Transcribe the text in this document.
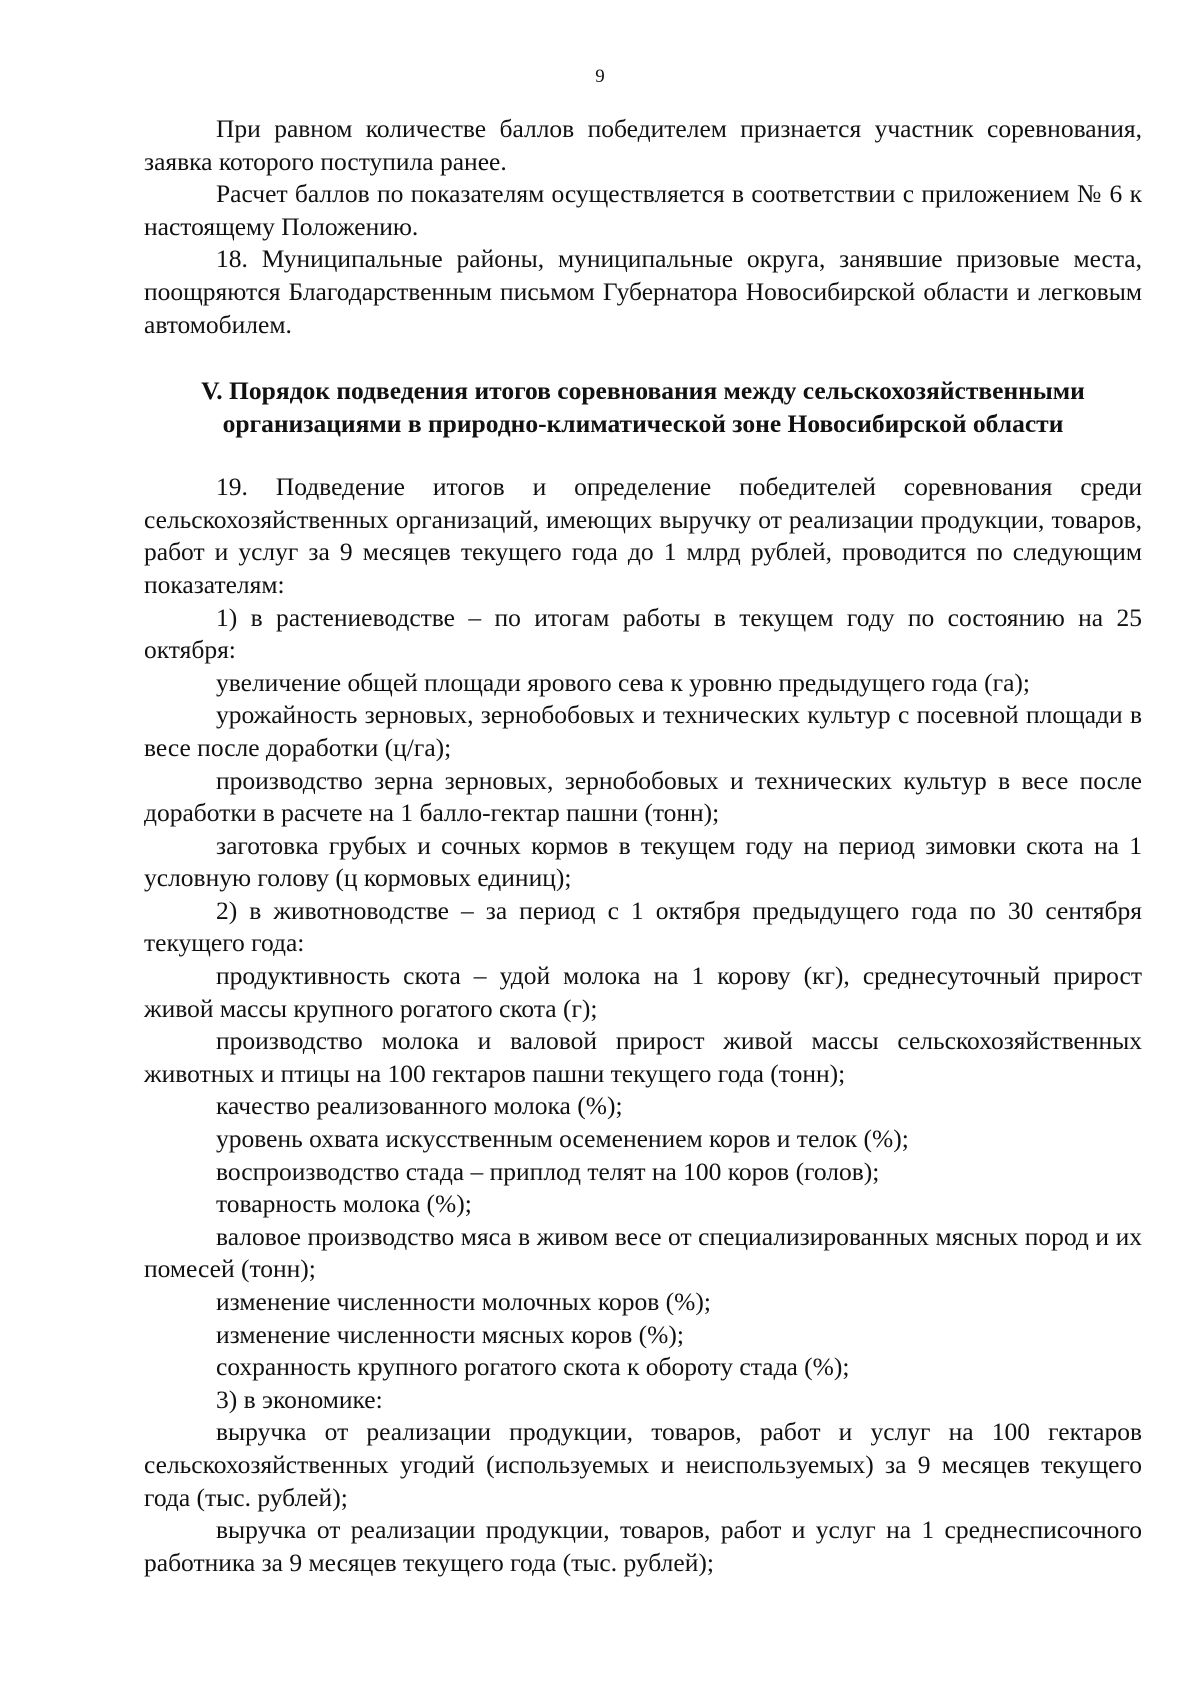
9

При равном количестве баллов победителем признается участник соревнования, заявка которого поступила ранее.

Расчет баллов по показателям осуществляется в соответствии с приложением № 6 к настоящему Положению.

18. Муниципальные районы, муниципальные округа, занявшие призовые места, поощряются Благодарственным письмом Губернатора Новосибирской области и легковым автомобилем.

V. Порядок подведения итогов соревнования между сельскохозяйственными
организациями в природно-климатической зоне Новосибирской области

19. Подведение итогов и определение победителей соревнования среди сельскохозяйственных организаций, имеющих выручку от реализации продукции, товаров, работ и услуг за 9 месяцев текущего года до 1 млрд рублей, проводится по следующим показателям:

1) в растениеводстве – по итогам работы в текущем году по состоянию на 25 октября:

увеличение общей площади ярового сева к уровню предыдущего года (га);

урожайность зерновых, зернобобовых и технических культур с посевной площади в весе после доработки (ц/га);

производство зерна зерновых, зернобобовых и технических культур в весе после доработки в расчете на 1 балло-гектар пашни (тонн);

заготовка грубых и сочных кормов в текущем году на период зимовки скота на 1 условную голову (ц кормовых единиц);

2) в животноводстве – за период с 1 октября предыдущего года по 30 сентября текущего года:

продуктивность скота – удой молока на 1 корову (кг), среднесуточный прирост живой массы крупного рогатого скота (г);

производство молока и валовой прирост живой массы сельскохозяйственных животных и птицы на 100 гектаров пашни текущего года (тонн);

качество реализованного молока (%);

уровень охвата искусственным осеменением коров и телок (%);

воспроизводство стада – приплод телят на 100 коров (голов);

товарность молока (%);

валовое производство мяса в живом весе от специализированных мясных пород и их помесей (тонн);

изменение численности молочных коров (%);

изменение численности мясных коров (%);

сохранность крупного рогатого скота к обороту стада (%);

3) в экономике:

выручка от реализации продукции, товаров, работ и услуг на 100 гектаров сельскохозяйственных угодий (используемых и неиспользуемых) за 9 месяцев текущего года (тыс. рублей);

выручка от реализации продукции, товаров, работ и услуг на 1 среднесписочного работника за 9 месяцев текущего года (тыс. рублей);
